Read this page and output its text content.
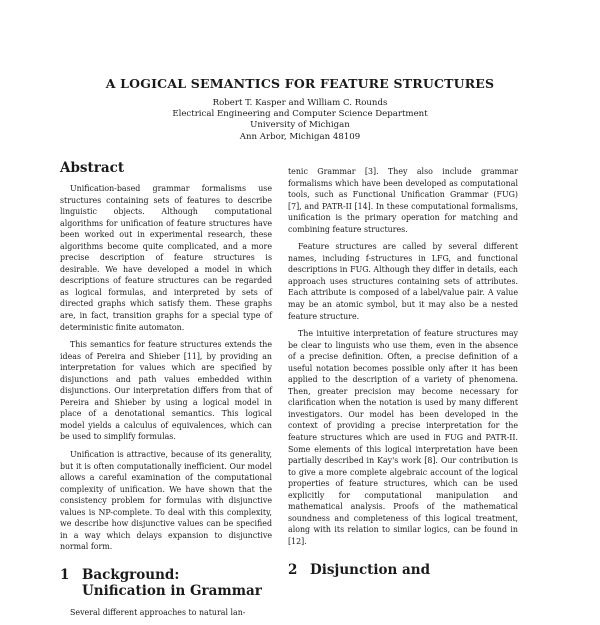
A LOGICAL SEMANTICS FOR FEATURE STRUCTURES
Robert T. Kasper and William C. Rounds
Electrical Engineering and Computer Science Department
University of Michigan
Ann Arbor, Michigan 48109
Abstract

Unification-based grammar formalisms use structures containing sets of features to describe linguistic objects. Although computational algorithms for unification of feature structures have been worked out in experimental research, these algorithms become quite complicated, and a more precise description of feature structures is desirable. We have developed a model in which descriptions of feature structures can be regarded as logical formulas, and interpreted by sets of directed graphs which satisfy them. These graphs are, in fact, transition graphs for a special type of deterministic finite automaton.

This semantics for feature structures extends the ideas of Pereira and Shieber [11], by providing an interpretation for values which are specified by disjunctions and path values embedded within disjunctions. Our interpretation differs from that of Pereira and Shieber by using a logical model in place of a denotational semantics. This logical model yields a calculus of equivalences, which can be used to simplify formulas.

Unification is attractive, because of its generality, but it is often computationally inefficient. Our model allows a careful examination of the computational complexity of unification. We have shown that the consistency problem for formulas with disjunctive values is NP-complete. To deal with this complexity, we describe how disjunctive values can be specified in a way which delays expansion to disjunctive normal form.

1 Background:
Unification in Grammar

Several different approaches to natural lan-

tenic Grammar [3]. They also include grammar formalisms which have been developed as computational tools, such as Functional Unification Grammar (FUG) [7], and PATR-II [14]. In these computational formalisms, unification is the primary operation for matching and combining feature structures.

Feature structures are called by several different names, including f-structures in LFG, and functional descriptions in FUG. Although they differ in details, each approach uses structures containing sets of attributes. Each attribute is composed of a label/value pair. A value may be an atomic symbol, but it may also be a nested feature structure.

The intuitive interpretation of feature structures may be clear to linguists who use them, even in the absence of a precise definition. Often, a precise definition of a useful notation becomes possible only after it has been applied to the description of a variety of phenomena. Then, greater precision may become necessary for clarification when the notation is used by many different investigators. Our model has been developed in the context of providing a precise interpretation for the feature structures which are used in FUG and PATR-II. Some elements of this logical interpretation have been partially described in Kay's work [8]. Our contribution is to give a more complete algebraic account of the logical properties of feature structures, which can be used explicitly for computational manipulation and mathematical analysis. Proofs of the mathematical soundness and completeness of this logical treatment, along with its relation to similar logics, can be found in [12].

2 Disjunction and
